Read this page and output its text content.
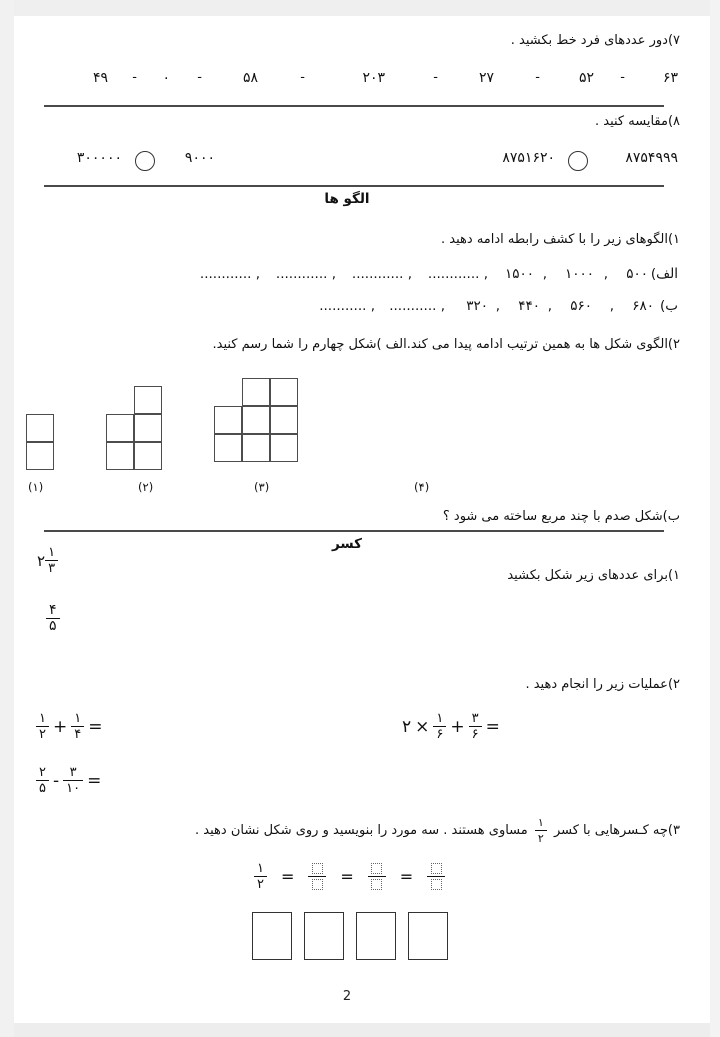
۷)دور عددهای فرد خط بکشید .
۶۳
-
۵۲
-
۲۷
-
۲۰۳
-
۵۸
-
۰
-
۴۹
۸)مقایسه کنید .
۸۷۵۴۹۹۹
۸۷۵۱۶۲۰
۹۰۰۰
۳۰۰۰۰۰
الگو ها
۱)الگوهای زیر را با کشف رابطه ادامه دهید .
الف)
۵۰۰
,
۱۰۰۰
,
۱۵۰۰
, ............
, ............
, ............
, ............
ب)
۶۸۰
,
۵۶۰
,
۴۴۰
,
۳۲۰
, ...........
, ...........
۲)الگوی شکل ها به همین ترتیب ادامه پیدا می کند.الف )شکل چهارم را شما رسم کنید.
(۱)	(۲)	(۳)	(۴)
ب)شکل صدم با چند مربع ساخته می شود ؟
کسر
۱)برای عددهای زیر شکل بکشید
۲ $\frac{۱}{۳}$
$\frac{۴}{۵}$
۲)عملیات زیر را انجام دهید .
$\frac{۱}{۲} + \frac{۱}{۴}$ =	۲ × $\frac{۱}{۶} + \frac{۳}{۶}$ =
$\frac{۲}{۵} - \frac{۳}{۱۰}$ =
۳)چه کـسرهایی با کسر
$\frac{۱}{۲}$
مساوی هستند . سه مورد را بنویسید و روی شکل نشان دهید .
$\frac{۱}{۲}$ =	=	=
2
